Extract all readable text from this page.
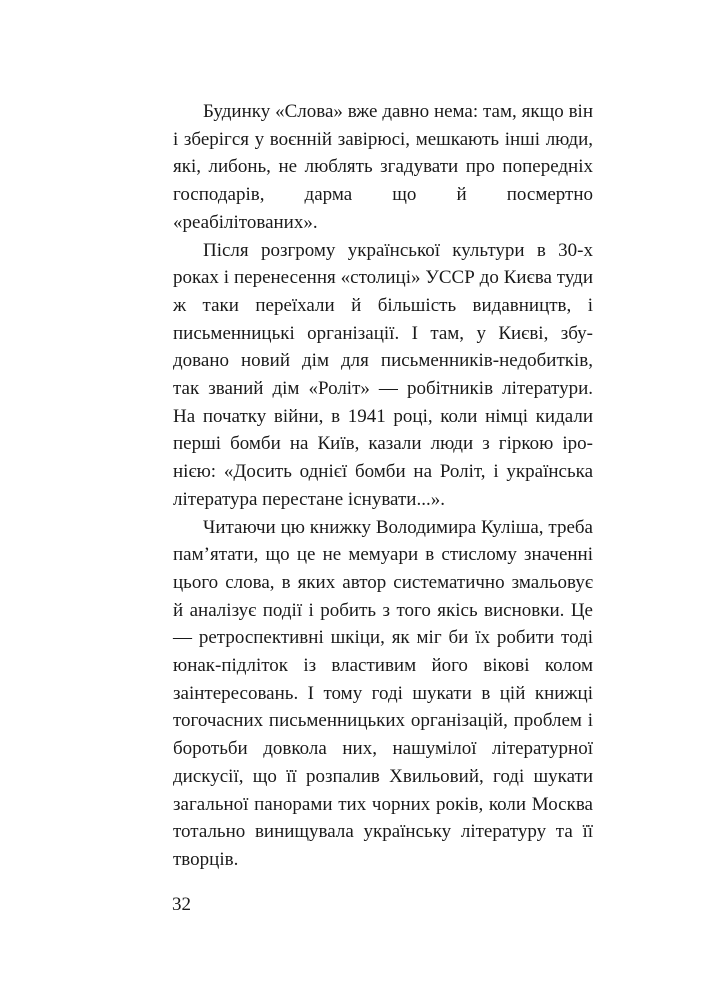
Будинку «Слова» вже давно нема: там, якщо він і зберігся у воєнній завірюсі, мешкають інші люди, які, либонь, не люблять згадувати про попередніх господарів, дарма що й посмертно «реабілітованих».

Після розгрому української культури в 30-х роках і перенесення «столиці» УССР до Києва туди ж таки переїхали й більшість видавництв, і письменницькі організації. І там, у Києві, збудовано новий дім для письменників-недобитків, так званий дім «Роліт» — робітників літератури. На початку війни, в 1941 році, коли німці кидали перші бомби на Київ, казали люди з гіркою іронією: «Досить однієї бомби на Роліт, і українська література перестане існувати...».

Читаючи цю книжку Володимира Куліша, треба пам’ятати, що це не мемуари в стислому значенні цього слова, в яких автор систематично змальовує й аналізує події і робить з того якісь висновки. Це — ретроспективні шкіци, як міг би їх робити тоді юнак-підліток із властивим його вікові колом заінтересовань. І тому годі шукати в цій книжці тогочасних письменницьких організацій, проблем і боротьби довкола них, нашумілої літературної дискусії, що її розпалив Хвильовий, годі шукати загальної панорами тих чорних років, коли Москва тотально винищувала українську літературу та її творців.

32
